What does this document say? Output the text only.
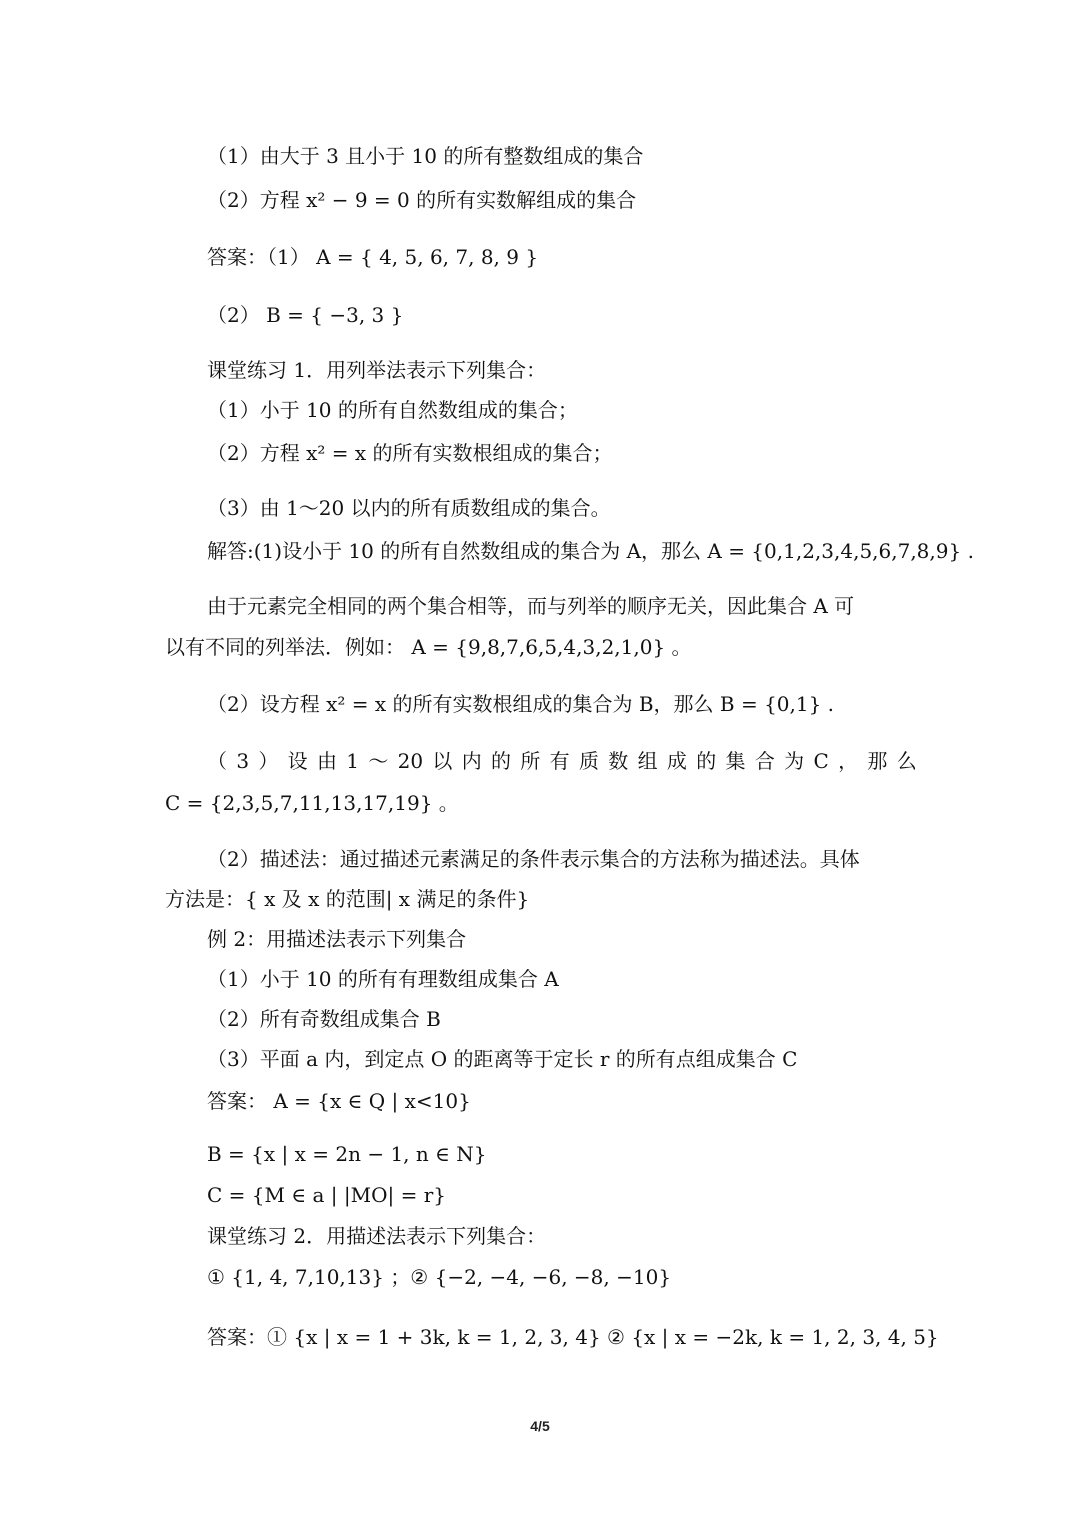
（1）由大于 3 且小于 10 的所有整数组成的集合
（2）方程 x² − 9 = 0 的所有实数解组成的集合
答案：（1） A = { 4, 5, 6, 7, 8, 9 }
（2） B = { −3, 3 }
课堂练习 1．用列举法表示下列集合：
（1）小于 10 的所有自然数组成的集合；
（2）方程 x² = x 的所有实数根组成的集合；
（3）由 1～20 以内的所有质数组成的集合。
解答:(1)设小于 10 的所有自然数组成的集合为 A，那么 A = {0,1,2,3,4,5,6,7,8,9} .
由于元素完全相同的两个集合相等，而与列举的顺序无关，因此集合 A 可
以有不同的列举法．例如： A = {9,8,7,6,5,4,3,2,1,0} 。
（2）设方程 x² = x 的所有实数根组成的集合为 B，那么 B = {0,1} .
（ 3 ） 设 由 1 ～ 20 以 内 的 所 有 质 数 组 成 的 集 合 为 C ， 那 么
C = {2,3,5,7,11,13,17,19} 。
（2）描述法：通过描述元素满足的条件表示集合的方法称为描述法。具体
方法是：{ x 及 x 的范围| x 满足的条件}
例 2：用描述法表示下列集合
（1）小于 10 的所有有理数组成集合 A
（2）所有奇数组成集合 B
（3）平面 a 内，到定点 O 的距离等于定长 r 的所有点组成集合 C
答案： A = {x ∈ Q | x<10}
B = {x | x = 2n − 1, n ∈ N}
C = {M ∈ a | |MO| = r}
课堂练习 2．用描述法表示下列集合：
① {1, 4, 7,10,13} ；② {−2, −4, −6, −8, −10}
答案：① {x | x = 1 + 3k, k = 1, 2, 3, 4} ② {x | x = −2k, k = 1, 2, 3, 4, 5}
4/5
